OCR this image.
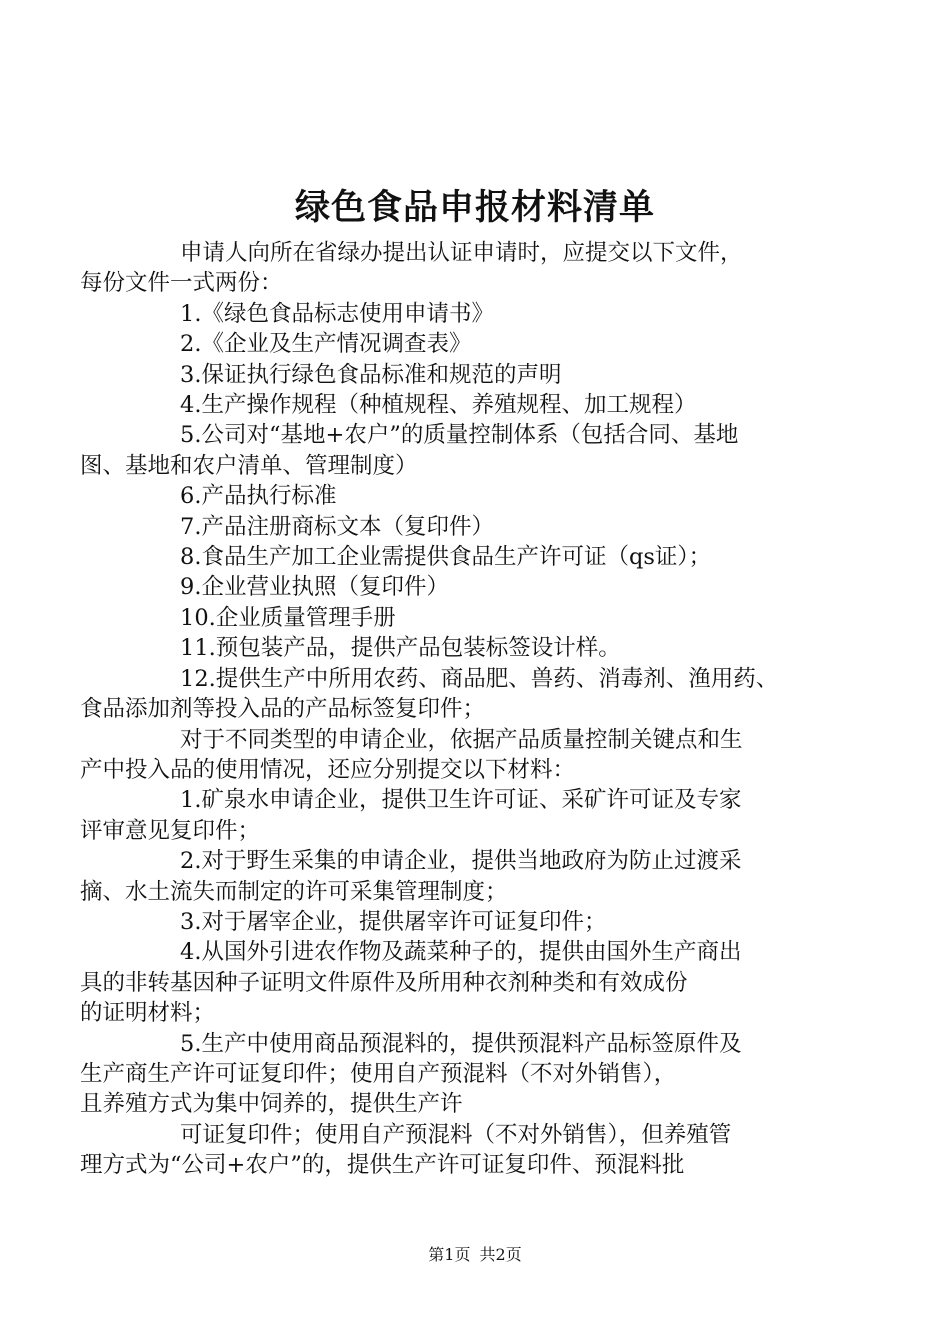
绿色食品申报材料清单

申请人向所在省绿办提出认证申请时，应提交以下文件，
每份文件一式两份：

1.《绿色食品标志使用申请书》

2.《企业及生产情况调查表》

3.保证执行绿色食品标准和规范的声明

4.生产操作规程（种植规程、养殖规程、加工规程）

5.公司对“基地+农户”的质量控制体系（包括合同、基地
图、基地和农户清单、管理制度）

6.产品执行标准

7.产品注册商标文本（复印件）

8.食品生产加工企业需提供食品生产许可证（qs证）；

9.企业营业执照（复印件）

10.企业质量管理手册

11.预包装产品，提供产品包装标签设计样。

12.提供生产中所用农药、商品肥、兽药、消毒剂、渔用药、
食品添加剂等投入品的产品标签复印件；

对于不同类型的申请企业，依据产品质量控制关键点和生
产中投入品的使用情况，还应分别提交以下材料：

1.矿泉水申请企业，提供卫生许可证、采矿许可证及专家
评审意见复印件；

2.对于野生采集的申请企业，提供当地政府为防止过渡采
摘、水土流失而制定的许可采集管理制度；

3.对于屠宰企业，提供屠宰许可证复印件；

4.从国外引进农作物及蔬菜种子的，提供由国外生产商出
具的非转基因种子证明文件原件及所用种衣剂种类和有效成份
的证明材料；

5.生产中使用商品预混料的，提供预混料产品标签原件及
生产商生产许可证复印件；使用自产预混料（不对外销售），
且养殖方式为集中饲养的，提供生产许

可证复印件；使用自产预混料（不对外销售），但养殖管
理方式为“公司+农户”的，提供生产许可证复印件、预混料批

第1页 共2页
